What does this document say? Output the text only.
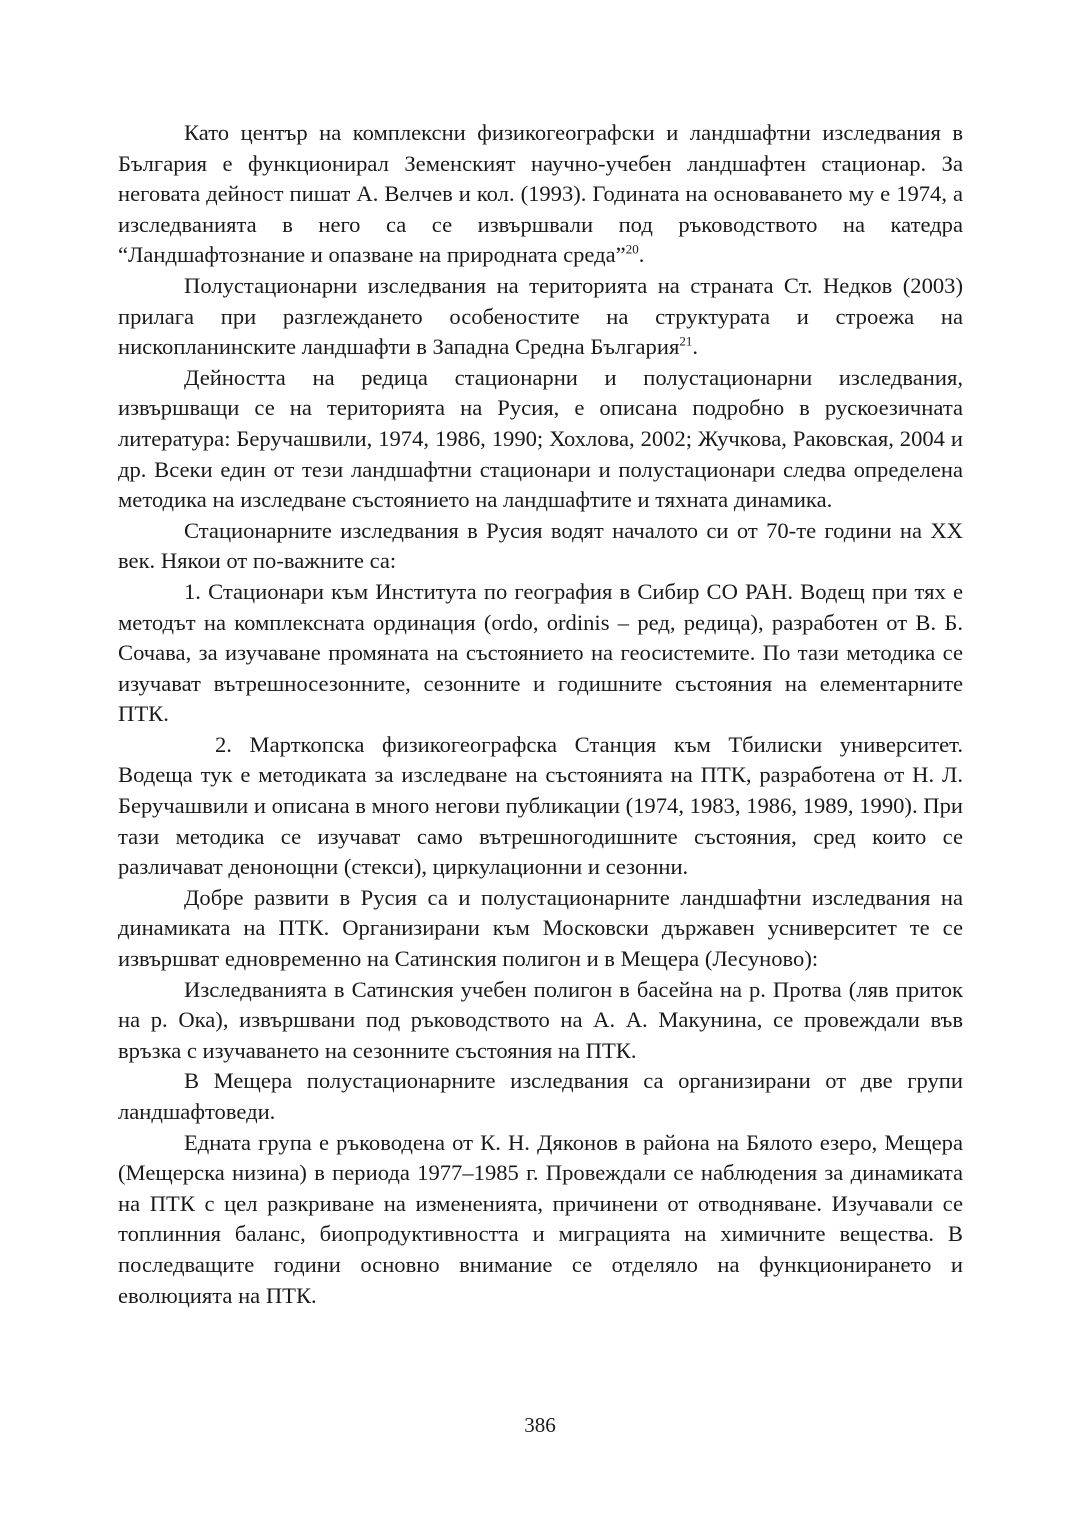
Като център на комплексни физикогеографски и ландшафтни изследвания в България е функционирал Земенският научно-учебен ландшафтен стационар. За неговата дейност пишат А. Велчев и кол. (1993). Годината на основаването му е 1974, а изследванията в него са се извършвали под ръководството на катедра “Ландшафтознание и опазване на природната среда”$^{20}$.

Полустационарни изследвания на територията на страната Ст. Недков (2003) прилага при разглеждането особеностите на структурата и строежа на нископланинските ландшафти в Западна Средна България$^{21}$.

Дейността на редица стационарни и полустационарни изследвания, извършващи се на територията на Русия, е описана подробно в рускоезичната литература: Беручашвили, 1974, 1986, 1990; Хохлова, 2002; Жучкова, Раковская, 2004 и др. Всеки един от тези ландшафтни стационари и полустационари следва определена методика на изследване състоянието на ландшафтите и тяхната динамика.

Стационарните изследвания в Русия водят началото си от 70-те години на ХХ век. Някои от по-важните са:

1. Стационари към Института по география в Сибир СО РАН. Водещ при тях е методът на комплексната ординация (ordo, ordinis – ред, редица), разработен от В. Б. Сочава, за изучаване промяната на състоянието на геосистемите. По тази методика се изучават вътрешносезонните, сезонните и годишните състояния на елементарните ПТК.

2. Марткопска физикогеографска Станция към Тбилиски университет. Водеща тук е методиката за изследване на състоянията на ПТК, разработена от Н. Л. Беручашвили и описана в много негови публикации (1974, 1983, 1986, 1989, 1990). При тази методика се изучават само вътрешногодишните състояния, сред които се различават денонощни (стекси), циркулационни и сезонни.

Добре развити в Русия са и полустационарните ландшафтни изследвания на динамиката на ПТК. Организирани към Московски държавен усниверситет те се извършват едновременно на Сатинския полигон и в Мещера (Лесуново):

Изследванията в Сатинския учебен полигон в басейна на р. Протва (ляв приток на р. Ока), извършвани под ръководството на А. А. Макунина, се провеждали във връзка с изучаването на сезонните състояния на ПТК.

В Мещера полустационарните изследвания са организирани от две групи ландшафтоведи.

Едната група е ръководена от К. Н. Дяконов в района на Бялото езеро, Мещера (Мещерска низина) в периода 1977–1985 г. Провеждали се наблюдения за динамиката на ПТК с цел разкриване на измененията, причинени от отводняване. Изучавали се топлинния баланс, биопродуктивността и миграцията на химичните вещества. В последващите години основно внимание се отделяло на функционирането и еволюцията на ПТК.

386
